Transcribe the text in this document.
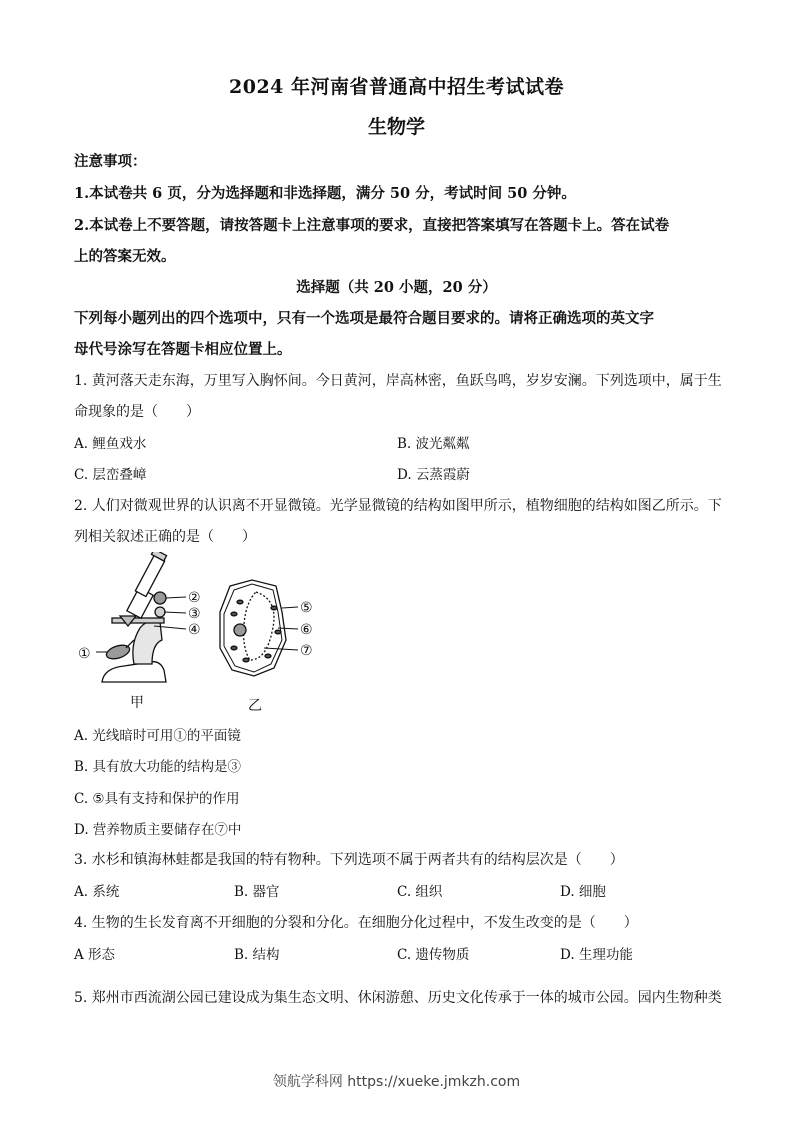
2024 年河南省普通高中招生考试试卷
生物学
注意事项：
1.本试卷共 6 页，分为选择题和非选择题，满分 50 分，考试时间 50 分钟。
2.本试卷上不要答题，请按答题卡上注意事项的要求，直接把答案填写在答题卡上。答在试卷
上的答案无效。
选择题（共 20 小题，20 分）
下列每小题列出的四个选项中，只有一个选项是最符合题目要求的。请将正确选项的英文字
母代号涂写在答题卡相应位置上。
1. 黄河落天走东海，万里写入胸怀间。今日黄河，岸高林密，鱼跃鸟鸣，岁岁安澜。下列选项中，属于生
命现象的是（　　）
A. 鲤鱼戏水	B. 波光粼粼
C. 层峦叠嶂	D. 云蒸霞蔚
2. 人们对微观世界的认识离不开显微镜。光学显微镜的结构如图甲所示，植物细胞的结构如图乙所示。下
列相关叙述正确的是（　　）
②
③
④
①
⑤
⑥
⑦
甲	乙
A. 光线暗时可用①的平面镜
B. 具有放大功能的结构是③
C. ⑤具有支持和保护的作用
D. 营养物质主要储存在⑦中
3. 水杉和镇海林蛙都是我国的特有物种。下列选项不属于两者共有的结构层次是（　　）
A. 系统	B. 器官	C. 组织	D. 细胞
4. 生物的生长发育离不开细胞的分裂和分化。在细胞分化过程中，不发生改变的是（　　）
A 形态	B. 结构	C. 遗传物质	D. 生理功能
5. 郑州市西流湖公园已建设成为集生态文明、休闲游憩、历史文化传承于一体的城市公园。园内生物种类
领航学科网 https://xueke.jmkzh.com
